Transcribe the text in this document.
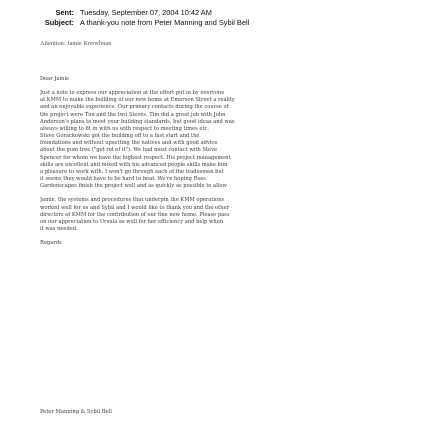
Sent: Tuesday, September 07, 2004 10:42 AM
Subject: A thank-you note from Peter Manning and Sybil Bell
Attention: Jamie Knowlman

Dear Jamie

Just a note to express our appreciation at the effort put in by everyone
at KMM to make the building of our new home at Emerson Street a reality
and an enjoyable experience. Our primary contacts during the course of
the project were Tim and the two Steves. Tim did a great job with John
Anderson's plans to meet your building standards, but good ideas and was
always willing to fit in with us with respect to meeting times etc.
Steve Gorackowski got the building off to a fast start and the
foundations and without upsetting the natives and with good advice
about the gum tree ("get rid of it"). We had most contact with Steve
Spencer for whom we have the highest respect. His project management
skills are excellent and mixed with his advanced people skills make him
a pleasure to work with. I won't go through each of the tradesmen but
it seems they would have to be hard to beat. We're hoping Ross
Gardenscapes finish the project well and as quickly as possible to allow

Jamie, the systems and procedures that underpin the KMM operations
worked well for us and Sybil and I would like to thank you and the other
directors of KMM for the contribution of our fine new home. Please pass
on our appreciation to Ursula as well for her efficiency and help when
it was needed.

Regards

Peter Manning & Sybil Bell
